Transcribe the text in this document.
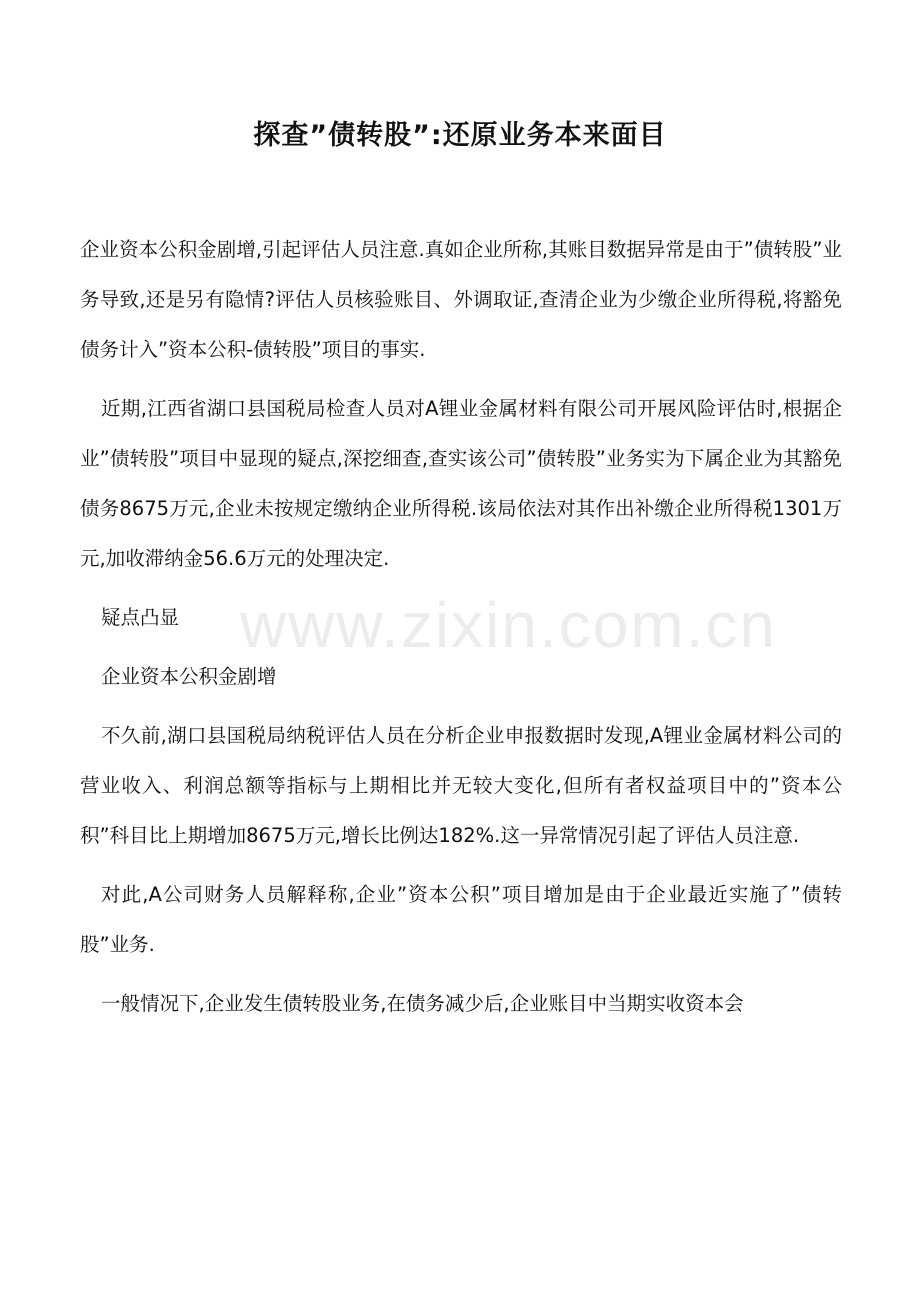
探查”债转股”:还原业务本来面目

企业资本公积金剧增,引起评估人员注意.真如企业所称,其账目数据异常是由于”债转股”业务导致,还是另有隐情?评估人员核验账目、外调取证,查清企业为少缴企业所得税,将豁免债务计入”资本公积-债转股”项目的事实.

近期,江西省湖口县国税局检查人员对A锂业金属材料有限公司开展风险评估时,根据企业”债转股”项目中显现的疑点,深挖细查,查实该公司”债转股”业务实为下属企业为其豁免债务8675万元,企业未按规定缴纳企业所得税.该局依法对其作出补缴企业所得税1301万元,加收滞纳金56.6万元的处理决定.

疑点凸显

企业资本公积金剧增

不久前,湖口县国税局纳税评估人员在分析企业申报数据时发现,A锂业金属材料公司的营业收入、利润总额等指标与上期相比并无较大变化,但所有者权益项目中的”资本公积”科目比上期增加8675万元,增长比例达182%.这一异常情况引起了评估人员注意.

对此,A公司财务人员解释称,企业”资本公积”项目增加是由于企业最近实施了”债转股”业务.

一般情况下,企业发生债转股业务,在债务减少后,企业账目中当期实收资本会

www.zixin.com.cn
